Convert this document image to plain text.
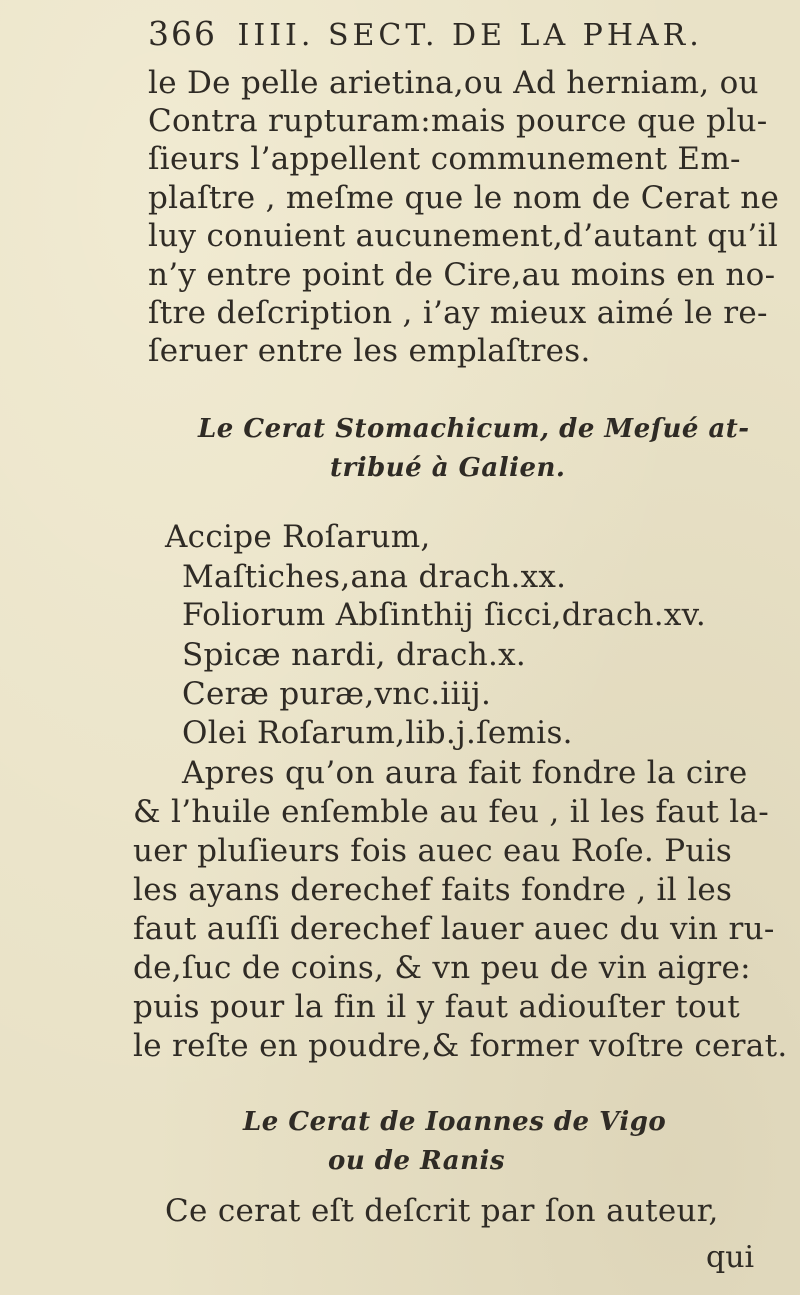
366 IIII. SECT. DE LA PHAR.
le De pelle arietina,ou Ad herniam, ou
Contra rupturam:mais pource que plu-
ſieurs l’appellent communement Em-
plaſtre , meſme que le nom de Cerat ne
luy conuient aucunement,d’autant qu’il
n’y entre point de Cire,au moins en no-
ſtre deſcription , i’ay mieux aimé le re-
ſeruer entre les emplaſtres.
Le Cerat Stomachicum, de Meſué at-
tribué à Galien.
Accipe Roſarum,
Maſtiches,ana drach.xx.
Foliorum Abſinthij ſicci,drach.xv.
Spicæ nardi, drach.x.
Ceræ puræ,vnc.iiij.
Olei Roſarum,lib.j.ſemis.
Apres qu’on aura fait fondre la cire
& l’huile enſemble au feu , il les faut la-
uer pluſieurs fois auec eau Roſe. Puis
les ayans derechef faits fondre , il les
faut auſſi derechef lauer auec du vin ru-
de,ſuc de coins, & vn peu de vin aigre:
puis pour la fin il y faut adiouſter tout
le reſte en poudre,& former voſtre cerat.
Le Cerat de Ioannes de Vigo
ou de Ranis
Ce cerat eſt deſcrit par ſon auteur,
qui
